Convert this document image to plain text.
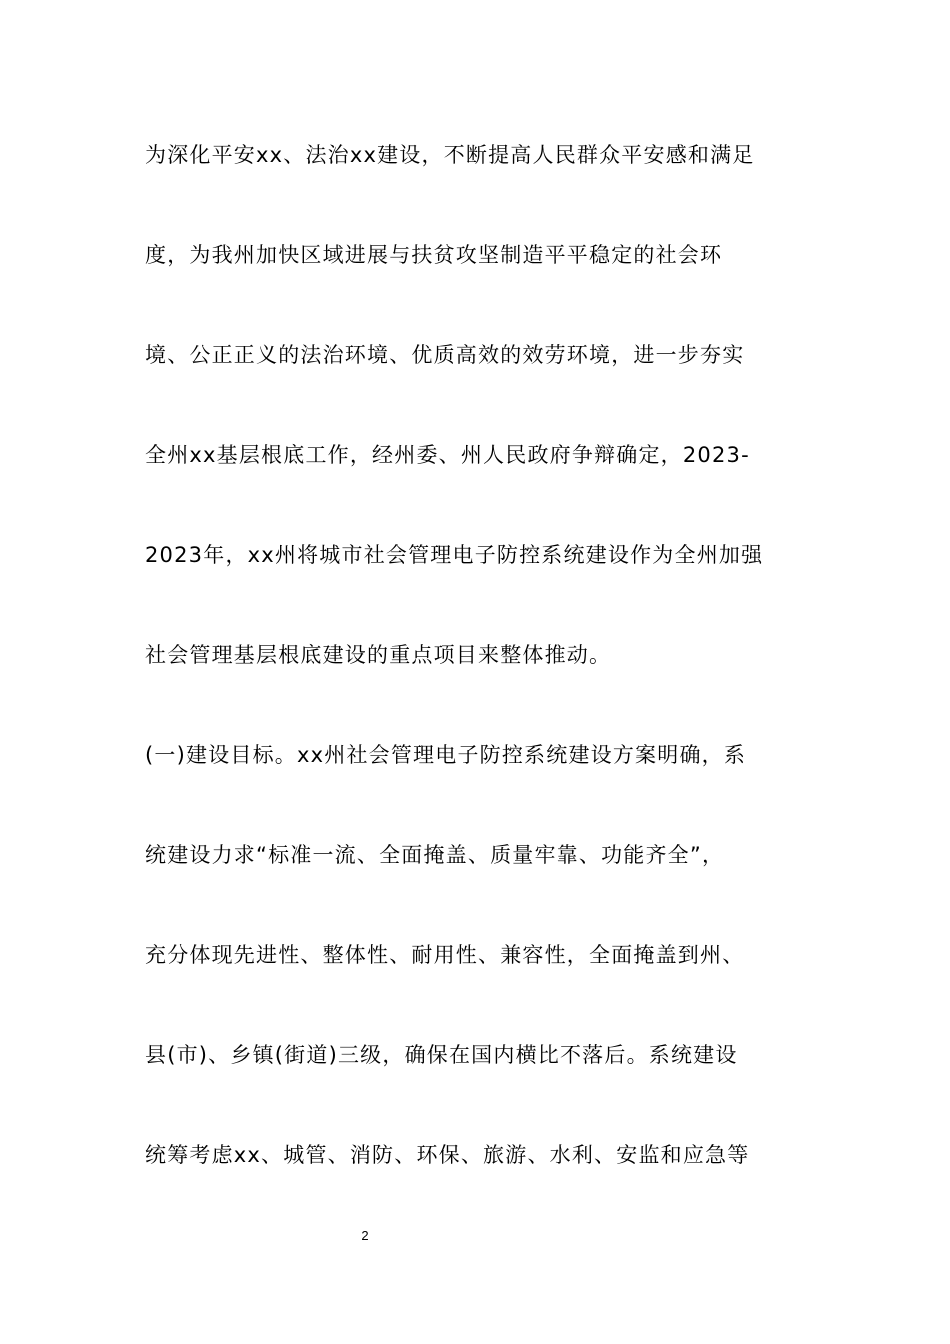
为深化平安xx、法治xx建设，不断提高人民群众平安感和满足
度，为我州加快区域进展与扶贫攻坚制造平平稳定的社会环
境、公正正义的法治环境、优质高效的效劳环境，进一步夯实
全州xx基层根底工作，经州委、州人民政府争辩确定，2023-
2023年，xx州将城市社会管理电子防控系统建设作为全州加强
社会管理基层根底建设的重点项目来整体推动。
(一)建设目标。xx州社会管理电子防控系统建设方案明确，系
统建设力求“标准一流、全面掩盖、质量牢靠、功能齐全”，
充分体现先进性、整体性、耐用性、兼容性，全面掩盖到州、
县(市)、乡镇(街道)三级，确保在国内横比不落后。系统建设
统筹考虑xx、城管、消防、环保、旅游、水利、安监和应急等
2
